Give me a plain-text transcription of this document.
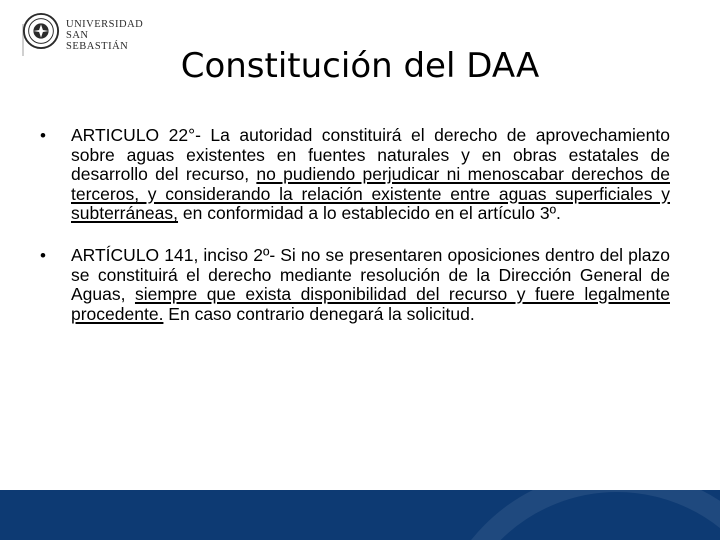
UNIVERSIDAD
SAN SEBASTIÁN	Constitución del DAA
• ARTICULO 22°- La autoridad constituirá el derecho de aprovechamiento sobre aguas existentes en fuentes naturales y en obras estatales de desarrollo del recurso, no pudiendo perjudicar ni menoscabar derechos de terceros, y considerando la relación existente entre aguas superficiales y subterráneas, en conformidad a lo establecido en el artículo 3º.
• ARTÍCULO 141, inciso 2º- Si no se presentaren oposiciones dentro del plazo se constituirá el derecho mediante resolución de la Dirección General de Aguas, siempre que exista disponibilidad del recurso y fuere legalmente procedente. En caso contrario denegará la solicitud.
